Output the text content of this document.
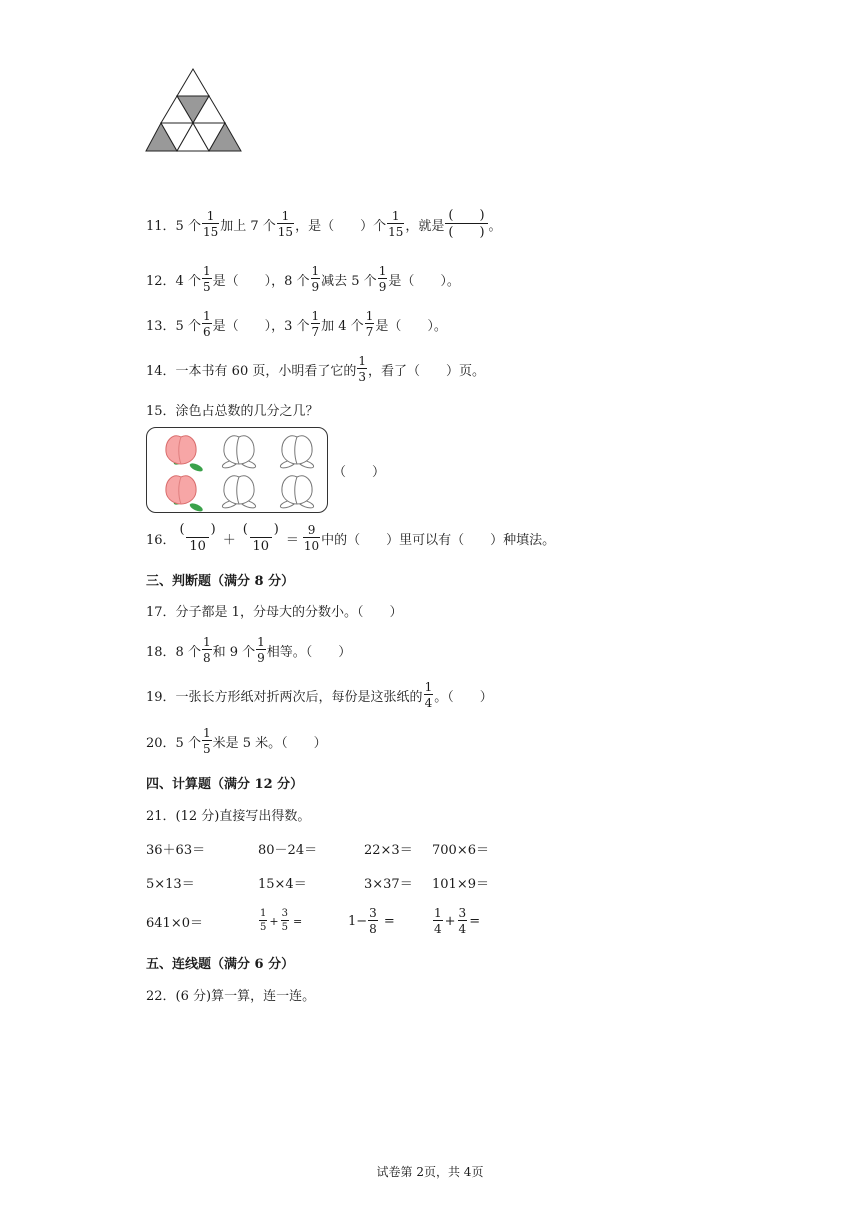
11． 5 个 $\frac{1}{15}$ 加上 7 个 $\frac{1}{15}$ ，是（　　）个 $\frac{1}{15}$ ，就是 $\frac{( )}{( )}$ 。
12． 4 个 $\frac{1}{5}$ 是（　　），8 个 $\frac{1}{9}$ 减去 5 个 $\frac{1}{9}$ 是（　　）。
13． 5 个 $\frac{1}{6}$ 是（　　），3 个 $\frac{1}{7}$ 加 4 个 $\frac{1}{7}$ 是（　　）。
14． 一本书有 60 页，小明看了它的 $\frac{1}{3}$ ，看了（　　）页。
15． 涂色占总数的几分之几？
（　　）
16． $\frac{( )}{10} + \frac{( )}{10} = \frac{9}{10}$ 中的（　　）里可以有（　　）种填法。
三、判断题（满分 8 分）
17． 分子都是 1，分母大的分数小。（　　）
18． 8 个 $\frac{1}{8}$ 和 9 个 $\frac{1}{9}$ 相等。（　　）
19． 一张长方形纸对折两次后，每份是这张纸的 $\frac{1}{4}$ 。（　　）
20． 5 个 $\frac{1}{5}$ 米是 5 米。（　　）
四、计算题（满分 12 分）
21． (12 分)直接写出得数。
36＋63＝	80－24＝	22×3＝ 700×6＝
5×13＝	15×4＝	3×37＝ 101×9＝
641×0＝	$\frac{1}{5} + \frac{3}{5}$ =	$1- \frac{3}{8}$ =	$\frac{1}{4} + \frac{3}{4}$ =
五、连线题（满分 6 分）
22． (6 分)算一算，连一连。
试卷第 2页，共 4页
